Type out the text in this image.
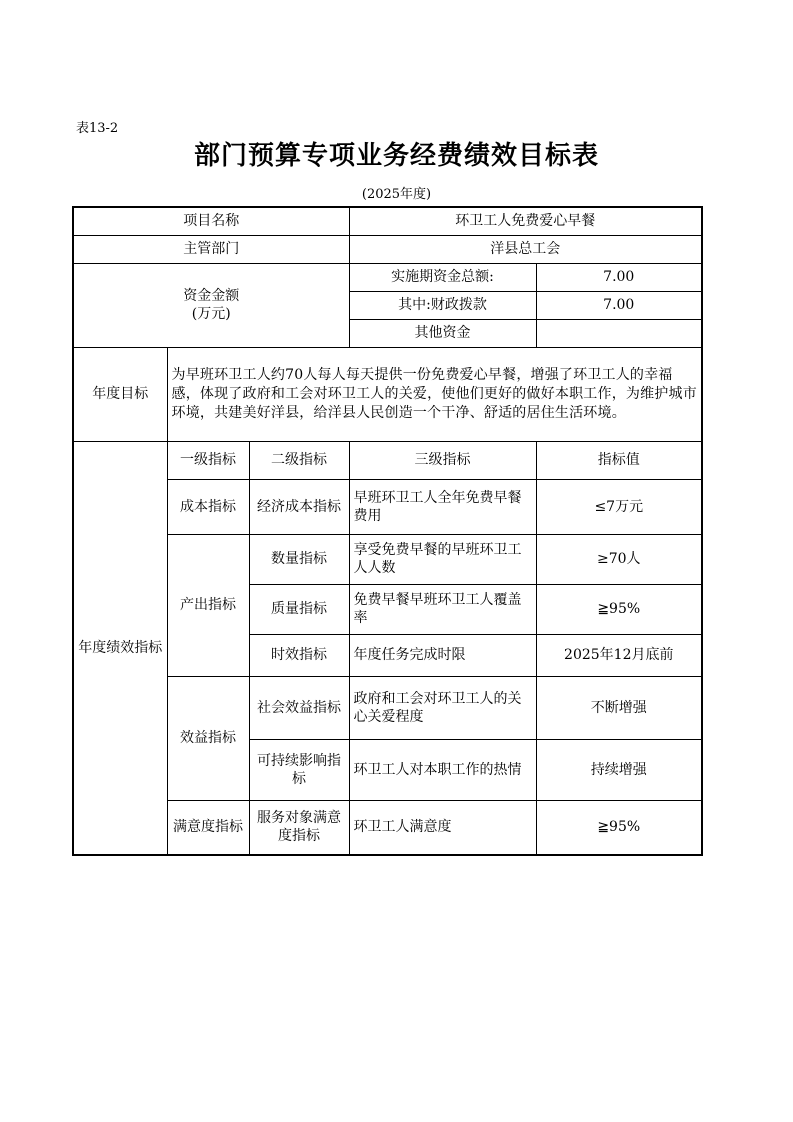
表13-2
部门预算专项业务经费绩效目标表
(2025年度)
项目名称			环卫工人免费爱心早餐	
主管部门			洋县总工会	

资金金额
(万元)			实施期资金总额:	7.00
			其中:财政拨款	7.00
			其他资金	
年度目标	为早班环卫工人约70人每人每天提供一份免费爱心早餐，增强了环卫工人的幸福感，体现了政府和工会对环卫工人的关爱，使他们更好的做好本职工作，为维护城市环境，共建美好洋县，给洋县人民创造一个干净、舒适的居住生活环境。			
年度绩效指标	一级指标	二级指标	三级指标	指标值
	成本指标	经济成本指标	早班环卫工人全年免费早餐费用	≤7万元
	产出指标	数量指标	享受免费早餐的早班环卫工人人数	≥70人
		质量指标	免费早餐早班环卫工人覆盖率	≧95%
		时效指标	年度任务完成时限	2025年12月底前
	效益指标	社会效益指标	政府和工会对环卫工人的关心关爱程度	不断增强
		可持续影响指标	环卫工人对本职工作的热情	持续增强
	满意度指标	服务对象满意度指标	环卫工人满意度	≧95%
